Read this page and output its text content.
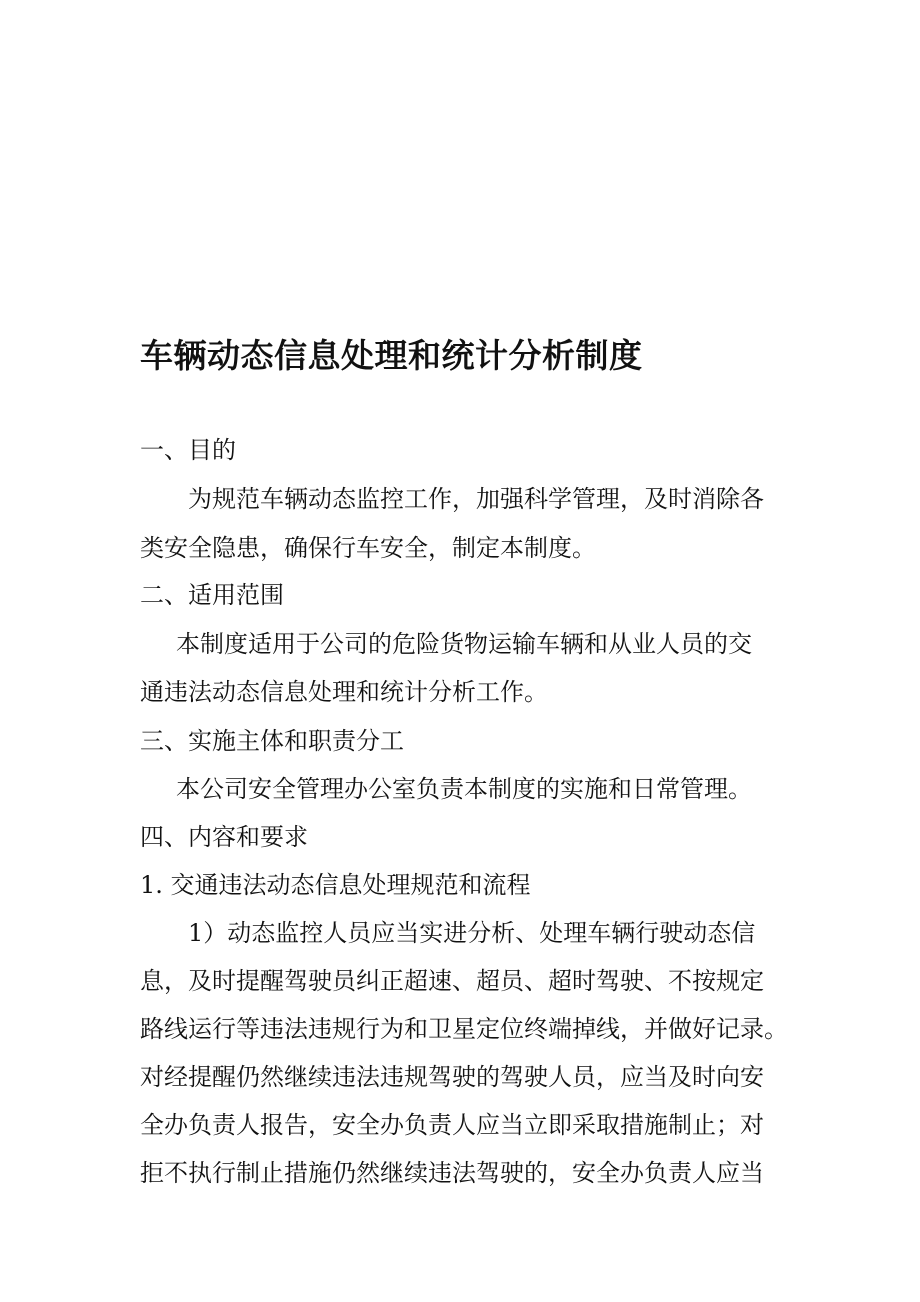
车辆动态信息处理和统计分析制度
一、目的
为规范车辆动态监控工作，加强科学管理，及时消除各
类安全隐患，确保行车安全，制定本制度。
二、适用范围
本制度适用于公司的危险货物运输车辆和从业人员的交
通违法动态信息处理和统计分析工作。
三、实施主体和职责分工
本公司安全管理办公室负责本制度的实施和日常管理。
四、内容和要求
1. 交通违法动态信息处理规范和流程
1）动态监控人员应当实进分析、处理车辆行驶动态信
息，及时提醒驾驶员纠正超速、超员、超时驾驶、不按规定
路线运行等违法违规行为和卫星定位终端掉线，并做好记录。
对经提醒仍然继续违法违规驾驶的驾驶人员，应当及时向安
全办负责人报告，安全办负责人应当立即采取措施制止；对
拒不执行制止措施仍然继续违法驾驶的，安全办负责人应当
